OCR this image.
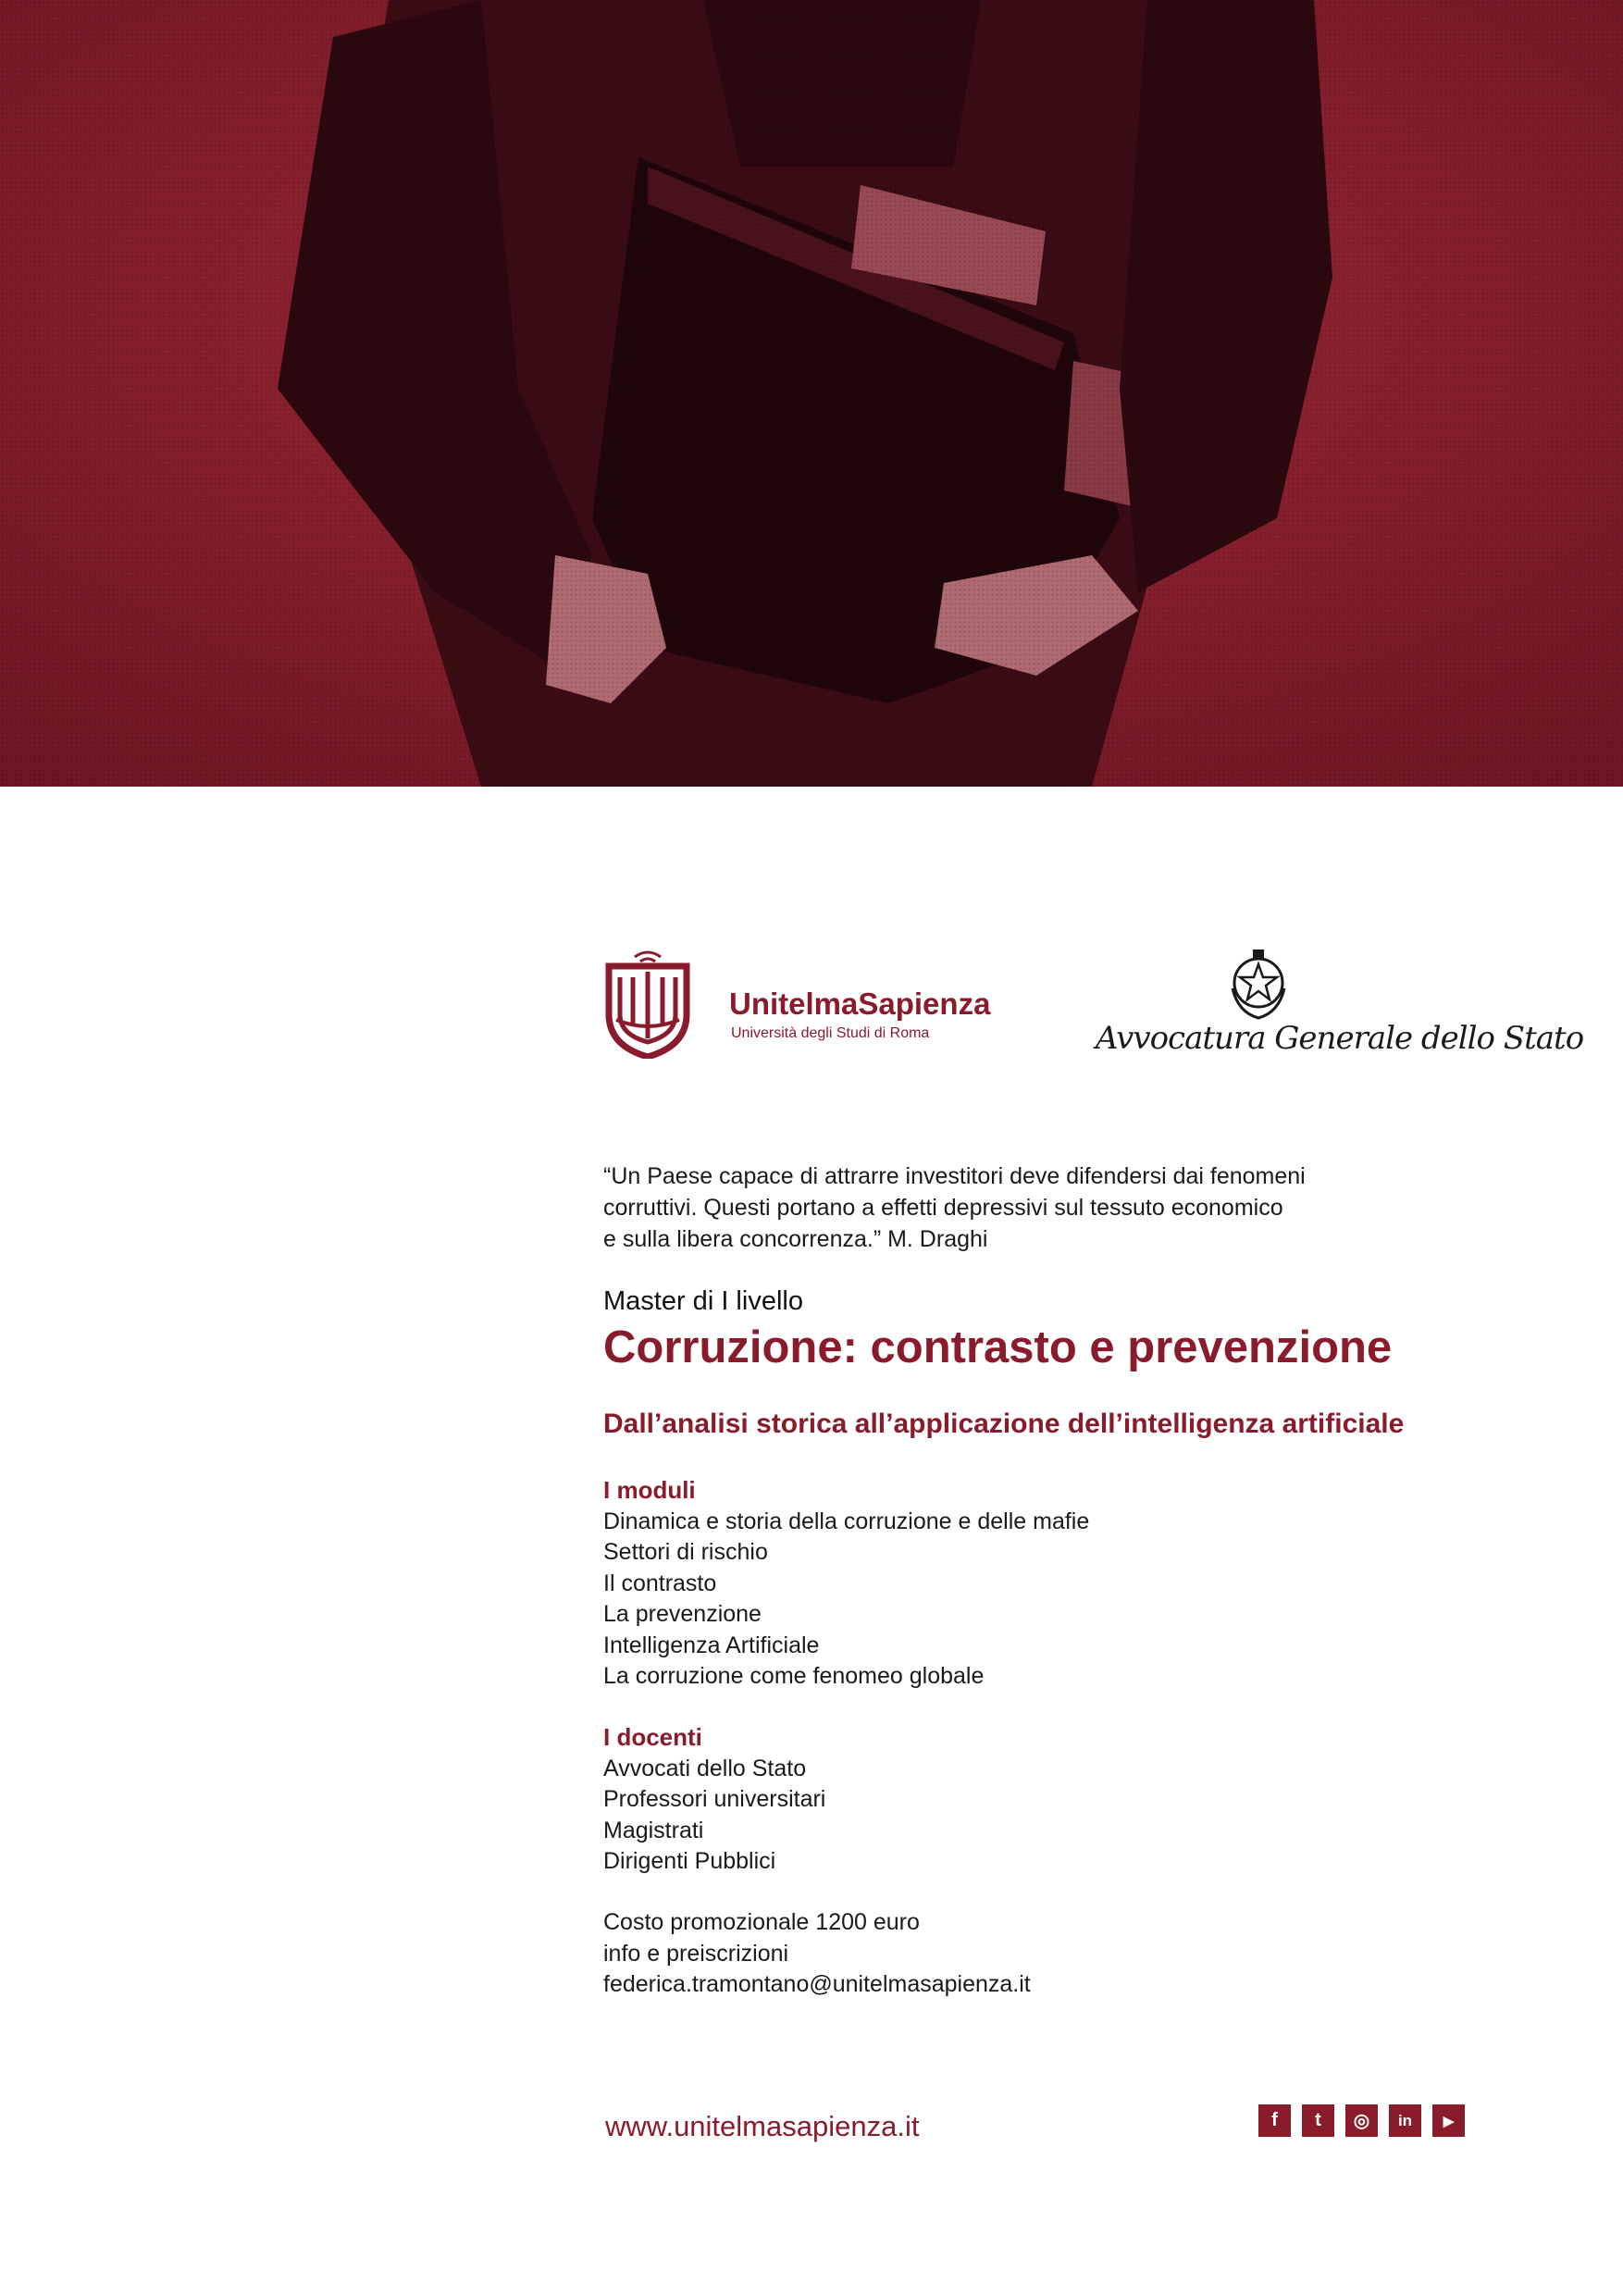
UnitelmaSapienza
Università degli Studi di Roma	Avvocatura Generale dello Stato
“Un Paese capace di attrarre investitori deve difendersi dai fenomeni
corruttivi. Questi portano a effetti depressivi sul tessuto economico
e sulla libera concorrenza.” M. Draghi
Master di I livello
Corruzione: contrasto e prevenzione
Dall’analisi storica all’applicazione dell’intelligenza artificiale
I moduli
Dinamica e storia della corruzione e delle mafie
Settori di rischio
Il contrasto
La prevenzione
Intelligenza Artificiale
La corruzione come fenomeo globale
I docenti
Avvocati dello Stato
Professori universitari
Magistrati
Dirigenti Pubblici
Costo promozionale 1200 euro
info e preiscrizioni
federica.tramontano@unitelmasapienza.it
www.unitelmasapienza.it	f	t	◎	in	▶
